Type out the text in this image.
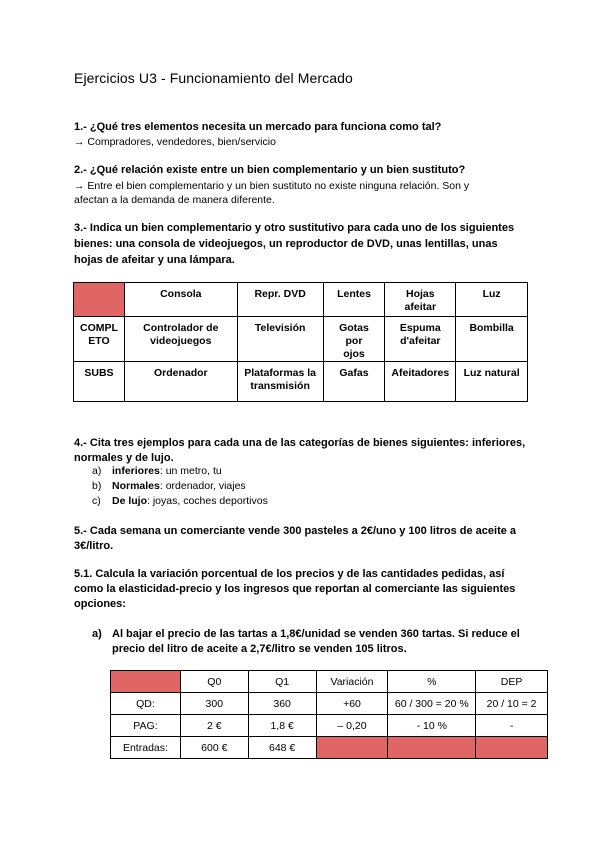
Ejercicios U3 - Funcionamiento del Mercado
1.- ¿Qué tres elementos necesita un mercado para funciona como tal?
→ Compradores, vendedores, bien/servicio
2.- ¿Qué relación existe entre un bien complementario y un bien sustituto?
→ Entre el bien complementario y un bien sustituto no existe ninguna relación. Son y
afectan a la demanda de manera diferente.
3.- Indica un bien complementario y otro sustitutivo para cada uno de los siguientes
bienes: una consola de videojuegos, un reproductor de DVD, unas lentillas, unas
hojas de afeitar y una lámpara.
	Consola	Repr. DVD	Lentes	Hojas afeitar	Luz

COMPLETO	Controlador de videojuegos	Televisión	Gotas por ojos	Espuma d'afeitar	Bombilla
SUBS	Ordenador	Plataformas la transmisión	Gafas	Afeitadores	Luz natural
4.- Cita tres ejemplos para cada una de las categorías de bienes siguientes: inferiores,
normales y de lujo.
a) inferiores: un metro, tu
b) Normales: ordenador, viajes
c) De lujo: joyas, coches deportivos
5.- Cada semana un comerciante vende 300 pasteles a 2€/uno y 100 litros de aceite a
3€/litro.
5.1. Calcula la variación porcentual de los precios y de las cantidades pedidas, así
como la elasticidad-precio y los ingresos que reportan al comerciante las siguientes
opciones:
a) Al bajar el precio de las tartas a 1,8€/unidad se venden 360 tartas. Si reduce el
precio del litro de aceite a 2,7€/litro se venden 105 litros.
	Q0	Q1	Variación	%	DEP
QD:	300	360	+60	60 / 300 = 20 %	20 / 10 = 2
PAG:	2 €	1,8 €	– 0,20	- 10 %	-
Entradas:	600 €	648 €			
